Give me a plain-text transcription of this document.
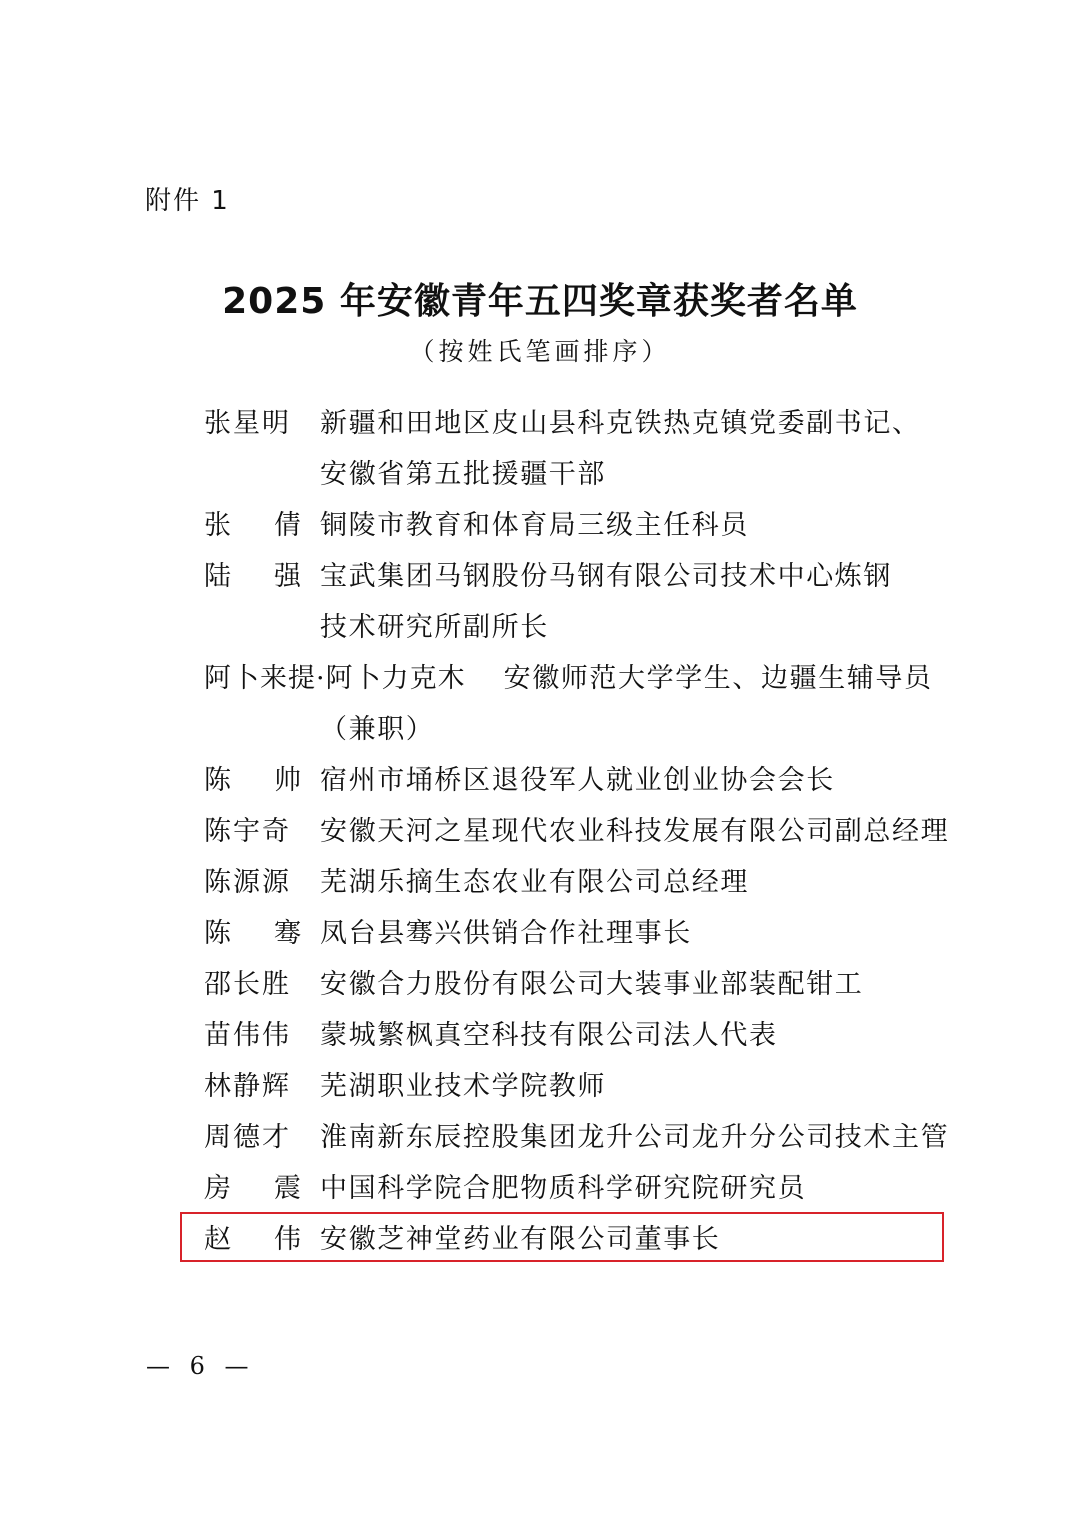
附件 1
2025 年安徽青年五四奖章获奖者名单
（按姓氏笔画排序）
张星明 新疆和田地区皮山县科克铁热克镇党委副书记、
安徽省第五批援疆干部
张 倩 铜陵市教育和体育局三级主任科员
陆 强 宝武集团马钢股份马钢有限公司技术中心炼钢
技术研究所副所长
阿卜来提·阿卜力克木 安徽师范大学学生、边疆生辅导员
（兼职）
陈 帅 宿州市埇桥区退役军人就业创业协会会长
陈宇奇 安徽天河之星现代农业科技发展有限公司副总经理
陈源源 芜湖乐摘生态农业有限公司总经理
陈 骞 凤台县骞兴供销合作社理事长
邵长胜 安徽合力股份有限公司大装事业部装配钳工
苗伟伟 蒙城繁枫真空科技有限公司法人代表
林静辉 芜湖职业技术学院教师
周德才 淮南新东辰控股集团龙升公司龙升分公司技术主管
房 震 中国科学院合肥物质科学研究院研究员
赵 伟 安徽芝神堂药业有限公司董事长
— 6 —
